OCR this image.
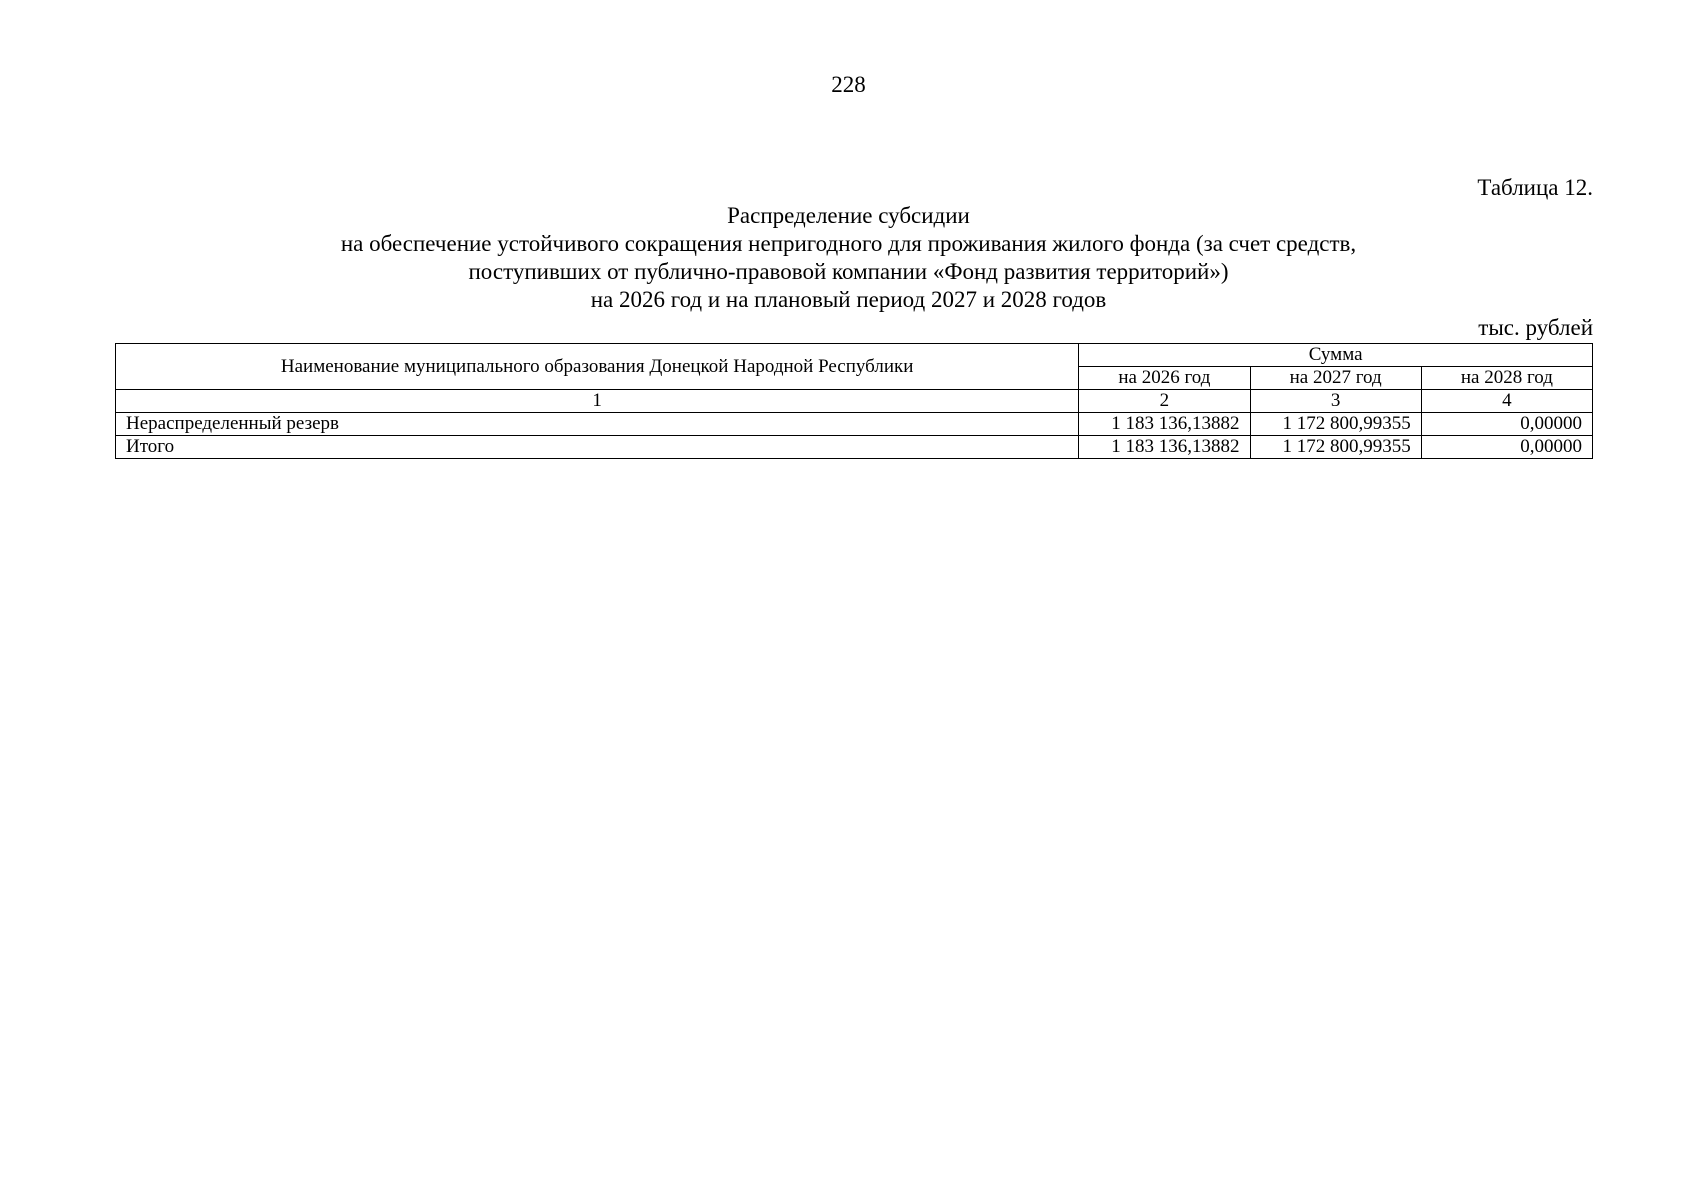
228
Таблица 12.
Распределение субсидии
на обеспечение устойчивого сокращения непригодного для проживания жилого фонда (за счет средств,
поступивших от публично-правовой компании «Фонд развития территорий»)
на 2026 год и на плановый период 2027 и 2028 годов
тыс. рублей
Наименование муниципального образования Донецкой Народной Республики	Сумма		
	на 2026 год	на 2027 год	на 2028 год
1	2	3	4
Нераспределенный резерв	1 183 136,13882	1 172 800,99355	0,00000
Итого	1 183 136,13882	1 172 800,99355	0,00000
